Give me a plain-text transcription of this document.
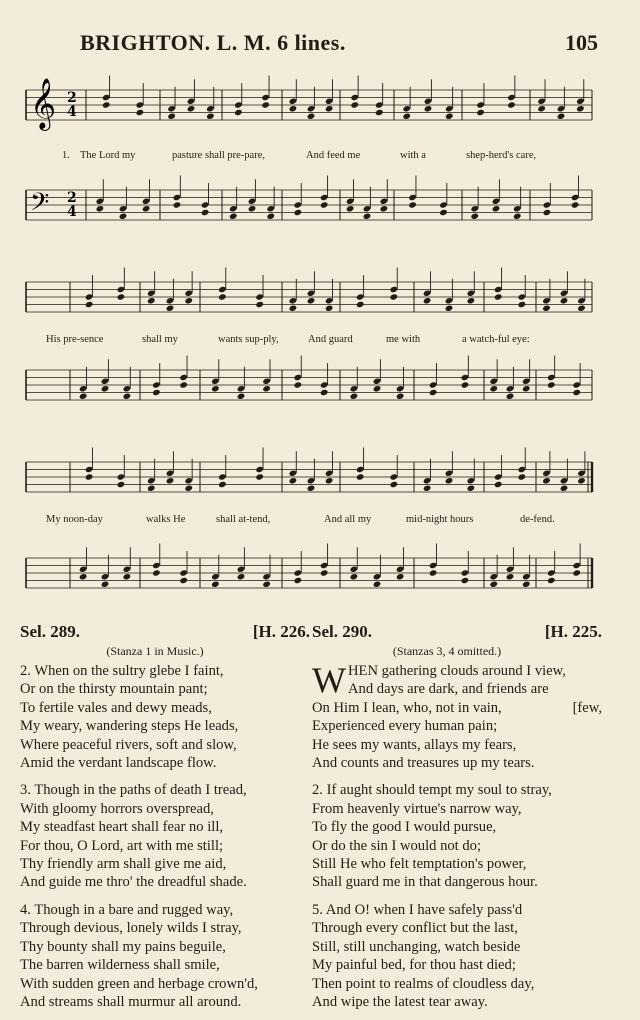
BRIGHTON. L. M. 6 lines.	105
𝄞
𝄢
2
4
2
4
1. The Lord my	pasture shall pre-pare,	And feed me	with a	shep-herd's care,
His pre-sence	shall my	wants sup-ply,	And guard	me with	a watch-ful eye:
My noon-day	walks He	shall at-tend,	And all my	mid-night hours	de-fend.
Sel. 289.	[H. 226.
(Stanza 1 in Music.)
2. When on the sultry glebe I faint,
Or on the thirsty mountain pant;
To fertile vales and dewy meads,
My weary, wandering steps He leads,
Where peaceful rivers, soft and slow,
Amid the verdant landscape flow.
3. Though in the paths of death I tread,
With gloomy horrors overspread,
My steadfast heart shall fear no ill,
For thou, O Lord, art with me still;
Thy friendly arm shall give me aid,
And guide me thro' the dreadful shade.
4. Though in a bare and rugged way,
Through devious, lonely wilds I stray,
Thy bounty shall my pains beguile,
The barren wilderness shall smile,
With sudden green and herbage crown'd,
And streams shall murmur all around.
Sel. 290.	[H. 225.
(Stanzas 3, 4 omitted.)
W HEN gathering clouds around I view,
And days are dark, and friends are
On Him I lean, who, not in vain,	[few,
Experienced every human pain;
He sees my wants, allays my fears,
And counts and treasures up my tears.
2. If aught should tempt my soul to stray,
From heavenly virtue's narrow way,
To fly the good I would pursue,
Or do the sin I would not do;
Still He who felt temptation's power,
Shall guard me in that dangerous hour.
5. And O! when I have safely pass'd
Through every conflict but the last,
Still, still unchanging, watch beside
My painful bed, for thou hast died;
Then point to realms of cloudless day,
And wipe the latest tear away.
